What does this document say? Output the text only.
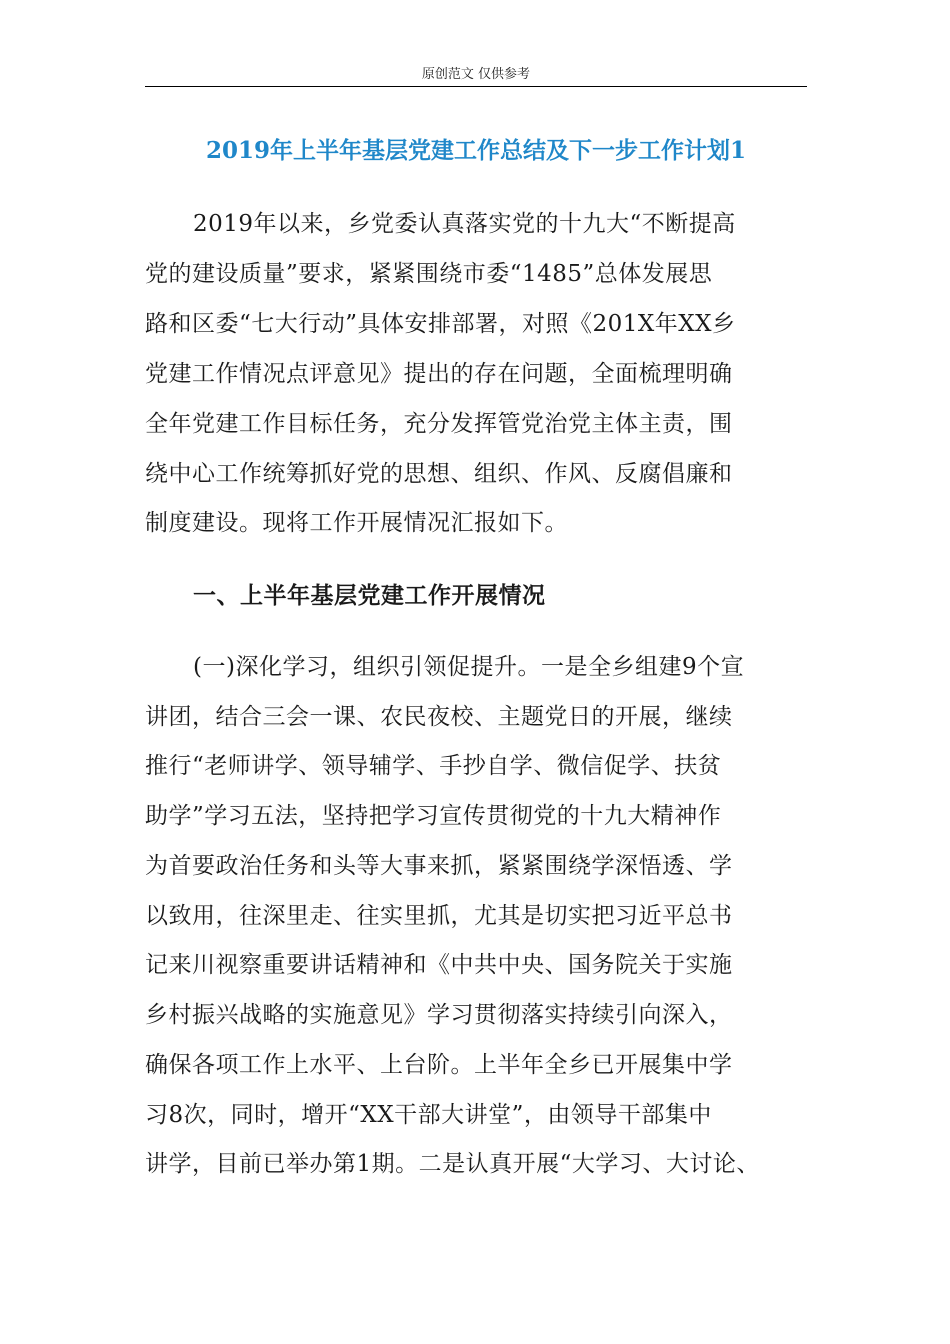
原创范文 仅供参考
2019年上半年基层党建工作总结及下一步工作计划1
2019年以来，乡党委认真落实党的十九大“不断提高
党的建设质量”要求，紧紧围绕市委“1485”总体发展思
路和区委“七大行动”具体安排部署，对照《201X年XX乡
党建工作情况点评意见》提出的存在问题，全面梳理明确
全年党建工作目标任务，充分发挥管党治党主体主责，围
绕中心工作统筹抓好党的思想、组织、作风、反腐倡廉和
制度建设。现将工作开展情况汇报如下。
一、上半年基层党建工作开展情况
(一)深化学习，组织引领促提升。一是全乡组建9个宣
讲团，结合三会一课、农民夜校、主题党日的开展，继续
推行“老师讲学、领导辅学、手抄自学、微信促学、扶贫
助学”学习五法，坚持把学习宣传贯彻党的十九大精神作
为首要政治任务和头等大事来抓，紧紧围绕学深悟透、学
以致用，往深里走、往实里抓，尤其是切实把习近平总书
记来川视察重要讲话精神和《中共中央、国务院关于实施
乡村振兴战略的实施意见》学习贯彻落实持续引向深入，
确保各项工作上水平、上台阶。上半年全乡已开展集中学
习8次，同时，增开“XX干部大讲堂”，由领导干部集中
讲学，目前已举办第1期。二是认真开展“大学习、大讨论、
